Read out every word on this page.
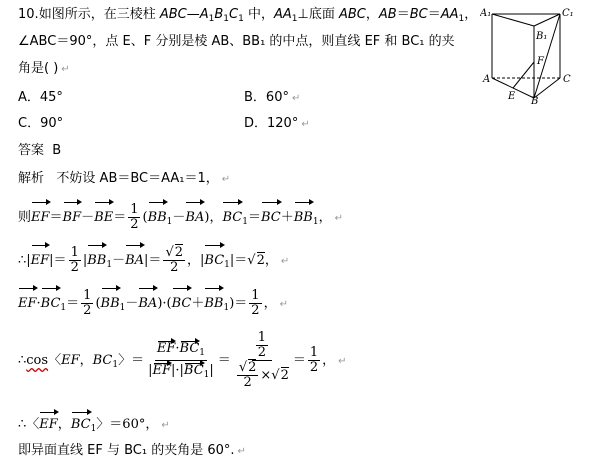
10.如图所示，在三棱柱 $ABC—A_1B_1C_1$ 中，$AA_1\perp$底面 ABC，$AB=BC=AA_1$，
∠ABC＝90°，点 E、F 分别是棱 AB、BB₁ 的中点，则直线 EF 和 BC₁ 的夹
角是( ) ↵
A．45°	B．60° ↵
C．90°	D．120° ↵
答案 B
解析 不妨设 AB＝BC＝AA₁＝1， ↵
则$EF=BF-BE= \frac{1}{2} (BB_1-BA)$，$BC_1=BC+BB_1$， ↵
∴|EF|＝ $\frac{1}{2} |BB_1-BA|= \frac{√2}{2}$ ，$|BC_1|=√2$， ↵
$EF\cdot BC_1= \frac{1}{2} (BB_1-BA)\cdot(BC+BB_1)= \frac{1}{2}$ ， ↵
∴cos〈EF，$BC_1$〉＝ $\frac{EF\cdot BC_1}{|EF|\cdot|BC_1|} = \frac{\frac{1}{2}}{\frac{√2}{2} \times√2} = \frac{1}{2}$ ， ↵
∴〈EF，$BC_1$〉＝60°， ↵
即异面直线 EF 与 BC₁ 的夹角是 60°. ↵
A₁	C₁
B₁
F
A	C
E B
